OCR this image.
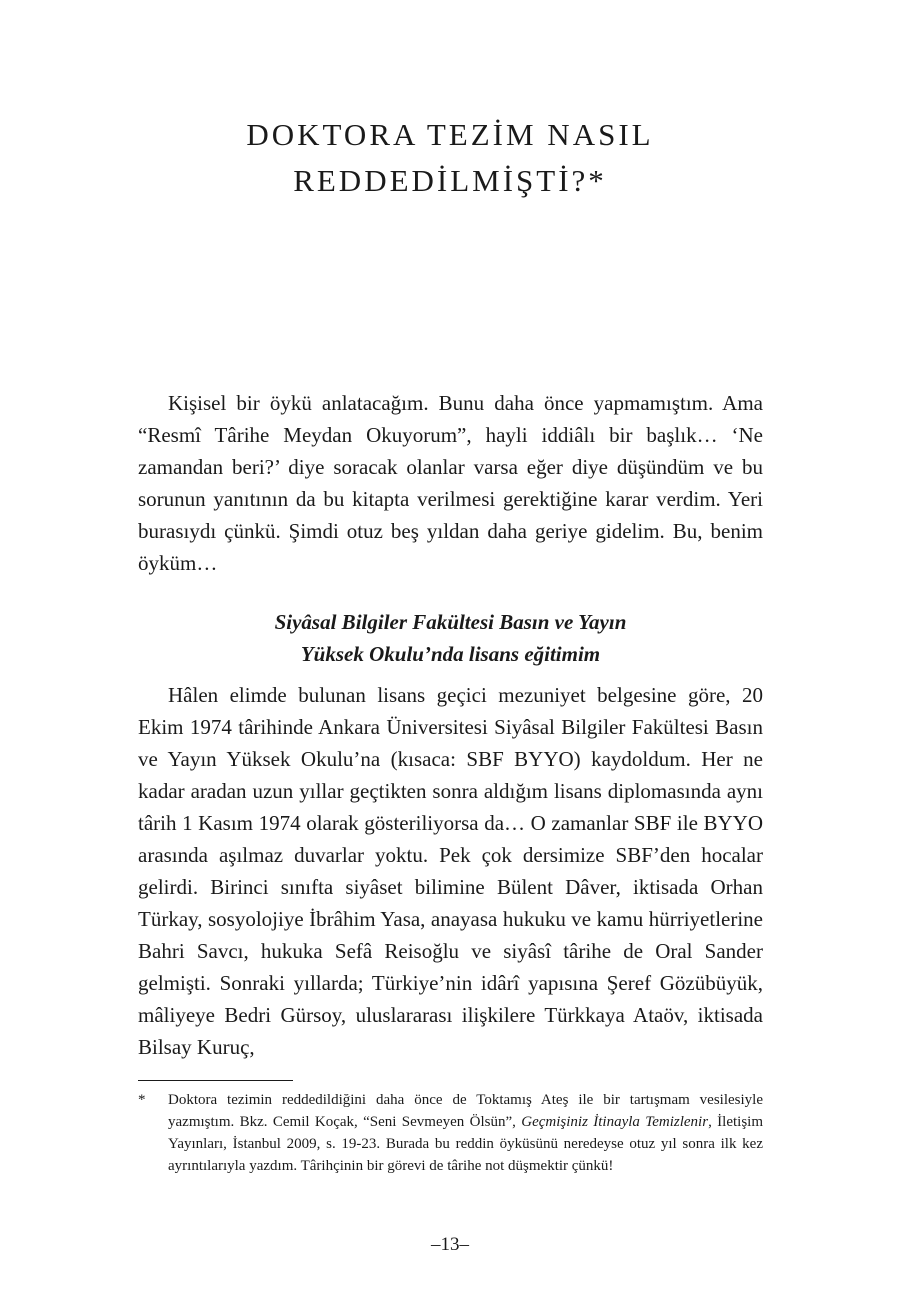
DOKTORA TEZİM NASIL
REDDEDİLMİŞTİ?*

Kişisel bir öykü anlatacağım. Bunu daha önce yapmamıştım. Ama “Resmî Târihe Meydan Okuyorum”, hayli iddiâlı bir başlık… ‘Ne zamandan beri?’ diye soracak olanlar varsa eğer diye düşündüm ve bu sorunun yanıtının da bu kitapta verilmesi gerektiğine karar verdim. Yeri burasıydı çünkü. Şimdi otuz beş yıldan daha geriye gidelim. Bu, benim öyküm…

Siyâsal Bilgiler Fakültesi Basın ve Yayın
Yüksek Okulu’nda lisans eğitimim

Hâlen elimde bulunan lisans geçici mezuniyet belgesine göre, 20 Ekim 1974 târihinde Ankara Üniversitesi Siyâsal Bilgiler Fakültesi Basın ve Yayın Yüksek Okulu’na (kısaca: SBF BYYO) kaydoldum. Her ne kadar aradan uzun yıllar geçtikten sonra aldığım lisans diplomasında aynı târih 1 Kasım 1974 olarak gösteriliyorsa da… O zamanlar SBF ile BYYO arasında aşılmaz duvarlar yoktu. Pek çok dersimize SBF’den hocalar gelirdi. Birinci sınıfta siyâset bilimine Bülent Dâver, iktisada Orhan Türkay, sosyolojiye İbrâhim Yasa, anayasa hukuku ve kamu hürriyetlerine Bahri Savcı, hukuka Sefâ Reisoğlu ve siyâsî târihe de Oral Sander gelmişti. Sonraki yıllarda; Türkiye’nin idârî yapısına Şeref Gözübüyük, mâliyeye Bedri Gürsoy, uluslararası ilişkilere Türkkaya Ataöv, iktisada Bilsay Kuruç,

* Doktora tezimin reddedildiğini daha önce de Toktamış Ateş ile bir tartışmam vesilesiyle yazmıştım. Bkz. Cemil Koçak, “Seni Sevmeyen Ölsün”, Geçmişiniz İtinayla Temizlenir, İletişim Yayınları, İstanbul 2009, s. 19-23. Burada bu reddin öyküsünü neredeyse otuz yıl sonra ilk kez ayrıntılarıyla yazdım. Târihçinin bir görevi de târihe not düşmektir çünkü!
–13–
